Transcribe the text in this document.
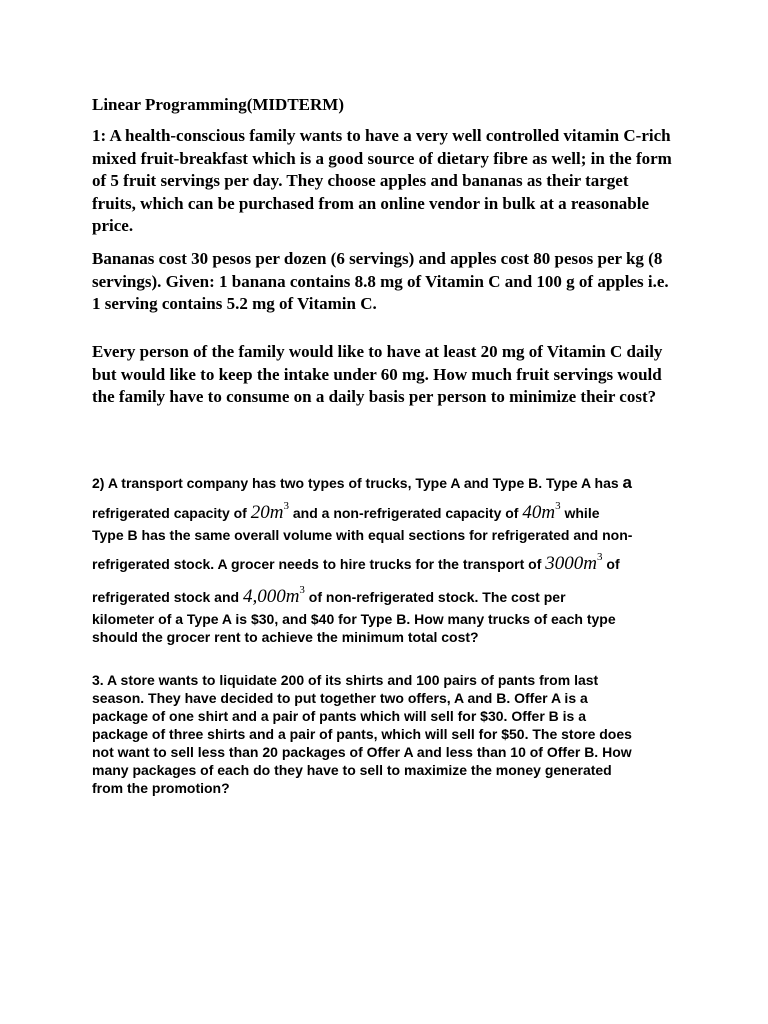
Linear Programming(MIDTERM)
1: A health-conscious family wants to have a very well controlled vitamin C-rich
mixed fruit-breakfast which is a good source of dietary fibre as well; in the form
of 5 fruit servings per day. They choose apples and bananas as their target
fruits, which can be purchased from an online vendor in bulk at a reasonable
price.
Bananas cost 30 pesos per dozen (6 servings) and apples cost 80 pesos per kg (8
servings). Given: 1 banana contains 8.8 mg of Vitamin C and 100 g of apples i.e.
1 serving contains 5.2 mg of Vitamin C.
Every person of the family would like to have at least 20 mg of Vitamin C daily
but would like to keep the intake under 60 mg. How much fruit servings would
the family have to consume on a daily basis per person to minimize their cost?
2) A transport company has two types of trucks, Type A and Type B. Type A has a
refrigerated capacity of $20m^3$ and a non-refrigerated capacity of $40m^3$ while
Type B has the same overall volume with equal sections for refrigerated and non-
refrigerated stock. A grocer needs to hire trucks for the transport of $3000m^3$ of
refrigerated stock and $4,000m^3$ of non-refrigerated stock. The cost per
kilometer of a Type A is $30, and $40 for Type B. How many trucks of each type
should the grocer rent to achieve the minimum total cost?
3. A store wants to liquidate 200 of its shirts and 100 pairs of pants from last
season. They have decided to put together two offers, A and B. Offer A is a
package of one shirt and a pair of pants which will sell for $30. Offer B is a
package of three shirts and a pair of pants, which will sell for $50. The store does
not want to sell less than 20 packages of Offer A and less than 10 of Offer B. How
many packages of each do they have to sell to maximize the money generated
from the promotion?
